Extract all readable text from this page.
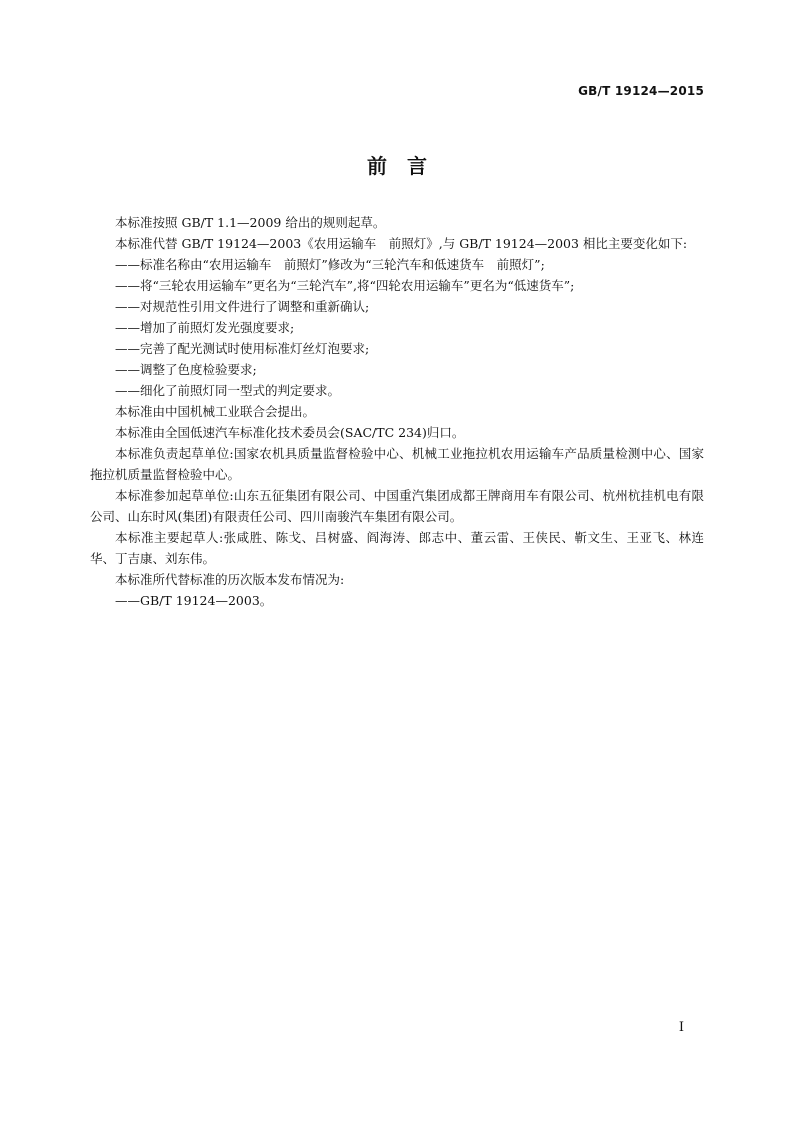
GB/T 19124—2015
前　言

本标准按照 GB/T 1.1—2009 给出的规则起草。

本标准代替 GB/T 19124—2003《农用运输车　前照灯》,与 GB/T 19124—2003 相比主要变化如下:

——标准名称由“农用运输车　前照灯”修改为“三轮汽车和低速货车　前照灯”;

——将“三轮农用运输车”更名为“三轮汽车”,将“四轮农用运输车”更名为“低速货车”;

——对规范性引用文件进行了调整和重新确认;

——增加了前照灯发光强度要求;

——完善了配光测试时使用标准灯丝灯泡要求;

——调整了色度检验要求;

——细化了前照灯同一型式的判定要求。

本标准由中国机械工业联合会提出。

本标准由全国低速汽车标准化技术委员会(SAC/TC 234)归口。

本标准负责起草单位:国家农机具质量监督检验中心、机械工业拖拉机农用运输车产品质量检测中心、国家拖拉机质量监督检验中心。

本标准参加起草单位:山东五征集团有限公司、中国重汽集团成都王牌商用车有限公司、杭州杭挂机电有限公司、山东时风(集团)有限责任公司、四川南骏汽车集团有限公司。

本标准主要起草人:张咸胜、陈戈、吕树盛、阎海涛、郎志中、董云雷、王侠民、靳文生、王亚飞、林连华、丁吉康、刘东伟。

本标准所代替标准的历次版本发布情况为:

——GB/T 19124—2003。

I
